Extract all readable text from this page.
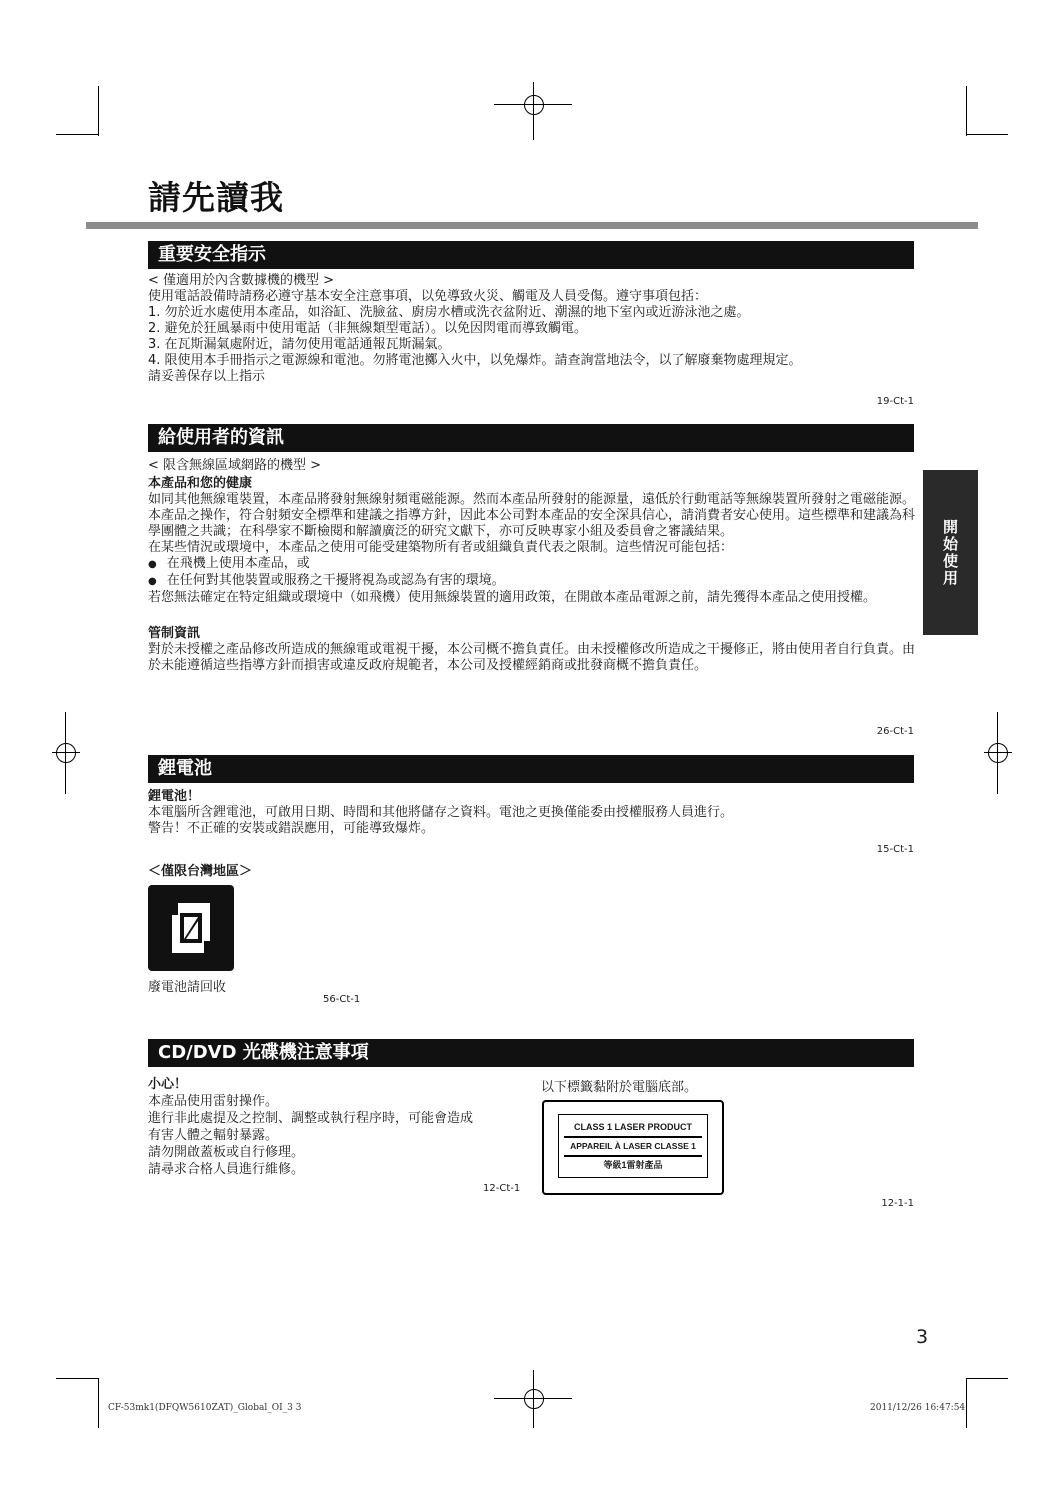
請先讀我
開始使用
重要安全指示

< 僅適用於內含數據機的機型 >

使用電話設備時請務必遵守基本安全注意事項，以免導致火災、觸電及人員受傷。遵守事項包括：

1. 勿於近水處使用本產品，如浴缸、洗臉盆、廚房水槽或洗衣盆附近、潮濕的地下室內或近游泳池之處。

2. 避免於狂風暴雨中使用電話（非無線類型電話）。以免因閃電而導致觸電。

3. 在瓦斯漏氣處附近，請勿使用電話通報瓦斯漏氣。

4. 限使用本手冊指示之電源線和電池。勿將電池擲入火中，以免爆炸。請查詢當地法令，以了解廢棄物處理規定。

請妥善保存以上指示

19-Ct-1
給使用者的資訊

< 限含無線區域網路的機型 >

本產品和您的健康

如同其他無線電裝置，本產品將發射無線射頻電磁能源。然而本產品所發射的能源量，遠低於行動電話等無線裝置所發射之電磁能源。

本產品之操作，符合射頻安全標準和建議之指導方針，因此本公司對本產品的安全深具信心，請消費者安心使用。這些標準和建議為科學團體之共識；在科學家不斷檢閱和解讀廣泛的研究文獻下，亦可反映專家小組及委員會之審議結果。

在某些情況或環境中，本產品之使用可能受建築物所有者或組織負責代表之限制。這些情況可能包括：

● 在飛機上使用本產品，或

● 在任何對其他裝置或服務之干擾將視為或認為有害的環境。

若您無法確定在特定組織或環境中（如飛機）使用無線裝置的適用政策，在開啟本產品電源之前，請先獲得本產品之使用授權。

管制資訊

對於未授權之產品修改所造成的無線電或電視干擾，本公司概不擔負責任。由未授權修改所造成之干擾修正，將由使用者自行負責。由於未能遵循這些指導方針而損害或違反政府規範者，本公司及授權經銷商或批發商概不擔負責任。

26-Ct-1
鋰電池

鋰電池！

本電腦所含鋰電池，可啟用日期、時間和其他將儲存之資料。電池之更換僅能委由授權服務人員進行。

警告！不正確的安裝或錯誤應用，可能導致爆炸。

15-Ct-1
＜僅限台灣地區＞
廢電池請回收
56-Ct-1
CD/DVD 光碟機注意事項

小心！

本產品使用雷射操作。

進行非此處提及之控制、調整或執行程序時，可能會造成

有害人體之輻射暴露。

請勿開啟蓋板或自行修理。

請尋求合格人員進行維修。

12-Ct-1
以下標籤黏附於電腦底部。
CLASS 1 LASER PRODUCT
APPAREIL À LASER CLASSE 1
等級1雷射產品
12-1-1
3
CF-53mk1(DFQW5610ZAT)_Global_OI_3 3	2011/12/26 16:47:54
